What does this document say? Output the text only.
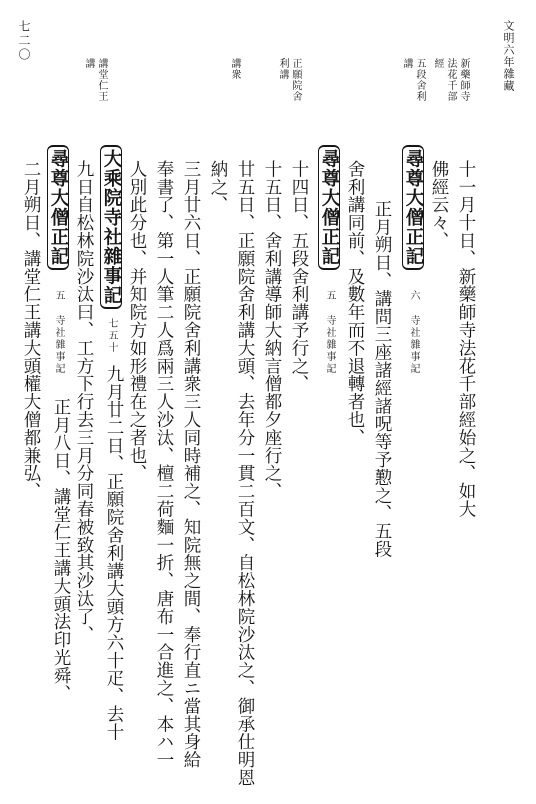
文明六年雜藏
七二〇
新藥師寺
法花千部
經
五段舍利
講
正願院舍
利講
講衆
講堂仁王
講
十一月十日、新藥師寺法花千部經始之、如大
佛經云々、
尋尊大僧正記
六 寺社雜事記
正月朔日、講問三座諸經諸呪等予懃之、五段
舍利講同前、及數年而不退轉者也、
尋尊大僧正記
五 寺社雜事記
十四日、五段舍利講予行之、
十五日、舍利講導師大納言僧都夕座行之、
廿五日、正願院舍利講大頭、去年分一貫二百文、自松林院沙汰之、御承仕明恩
納之、
三月廿六日、正願院舍利講衆三人同時補之、知院無之間、奉行直ニ當其身給
奉書了、第一人筆二人爲兩三人沙汰、檀二荷麵一折、唐布一合進之、本ハ一
人別此分也、并知院方如形禮在之者也、
大乘院寺社雜事記
七五十
九月廿二日、正願院舍利講大頭方六十疋、去十
九日自松林院沙汰曰、工方下行去三月分同春被致其沙汰了、
尋尊大僧正記
五 寺社雜事記
正月八日、講堂仁王講大頭法印光舜、
二月朔日、講堂仁王講大頭權大僧都兼弘、
